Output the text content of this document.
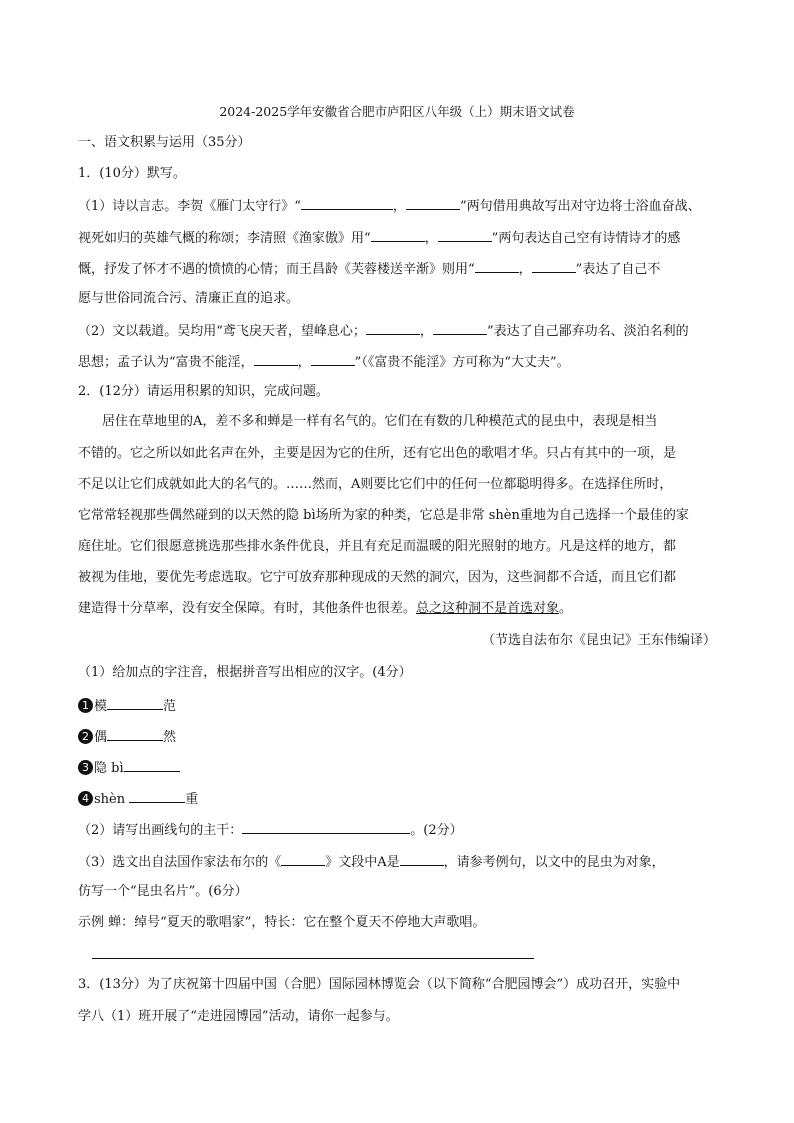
2024-2025学年安徽省合肥市庐阳区八年级（上）期末语文试卷
一、语文积累与运用（35分）
1．(10分）默写。
（1）诗以言志。李贺《雁门太守行》“	，	”两句借用典故写出对守边将士浴血奋战、
视死如归的英雄气概的称颂；李清照《渔家傲》用“	，	”两句表达自己空有诗情诗才的感
慨，抒发了怀才不遇的愤愤的心情；而王昌龄《芙蓉楼送辛渐》则用“	，	”表达了自己不
愿与世俗同流合污、清廉正直的追求。
（2）文以载道。吴均用“鸢飞戾天者，望峰息心；	，	”表达了自己鄙弃功名、淡泊名利的
思想；孟子认为“富贵不能淫，	，	”（《富贵不能淫》方可称为“大丈夫”。
2．(12分）请运用积累的知识，完成问题。
居住在草地里的A，差不多和蝉是一样有名气的。它们在有数的几种模范式的昆虫中，表现是相当
不错的。它之所以如此名声在外，主要是因为它的住所，还有它出色的歌唱才华。只占有其中的一项，是
不足以让它们成就如此大的名气的。……然而，A则要比它们中的任何一位都聪明得多。在选择住所时，
它常常轻视那些偶然碰到的以天然的隐 bì场所为家的种类，它总是非常 shèn重地为自己选择一个最佳的家
庭住址。它们很愿意挑选那些排水条件优良，并且有充足而温暖的阳光照射的地方。凡是这样的地方，都
被视为佳地，要优先考虑选取。它宁可放弃那种现成的天然的洞穴，因为，这些洞都不合适，而且它们都
建造得十分草率，没有安全保障。有时，其他条件也很差。总之这种洞不是首选对象。
（节选自法布尔《昆虫记》王东伟编译）
（1）给加点的字注音，根据拼音写出相应的汉字。(4分）
1 模	范
2 偶	然
3 隐 bì
4 shèn	重
（2）请写出画线句的主干：	。(2分）
（3）选文出自法国作家法布尔的《	》文段中A是	，请参考例句，以文中的昆虫为对象，
仿写一个“昆虫名片”。(6分）
示例 蝉：绰号“夏天的歌唱家”，特长：它在整个夏天不停地大声歌唱。
3．(13分）为了庆祝第十四届中国（合肥）国际园林博览会（以下简称“合肥园博会”）成功召开，实验中
学八（1）班开展了“走进园博园”活动，请你一起参与。
